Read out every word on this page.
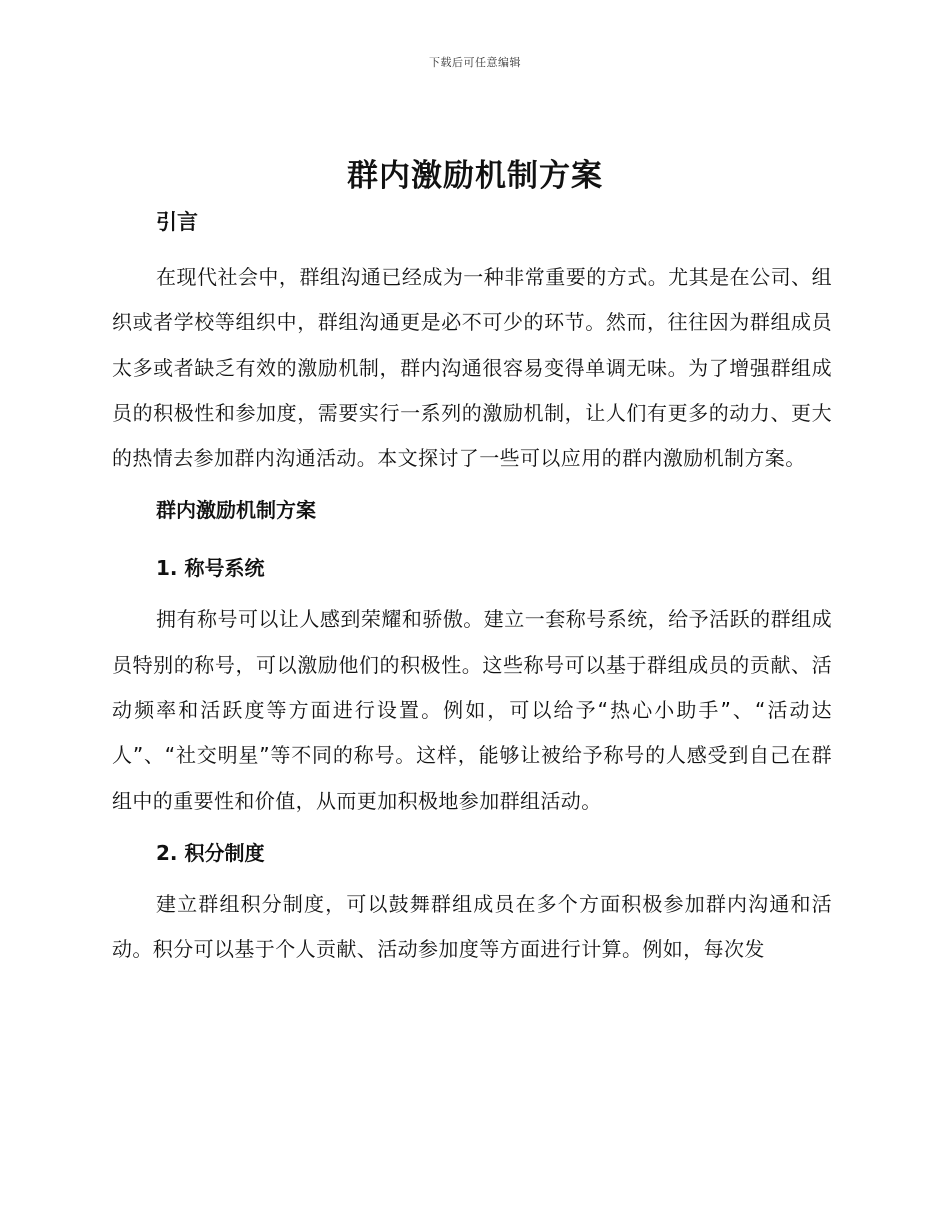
下载后可任意编辑
群内激励机制方案
引言

在现代社会中，群组沟通已经成为一种非常重要的方式。尤其是在公司、组织或者学校等组织中，群组沟通更是必不可少的环节。然而，往往因为群组成员太多或者缺乏有效的激励机制，群内沟通很容易变得单调无味。为了增强群组成员的积极性和参加度，需要实行一系列的激励机制，让人们有更多的动力、更大的热情去参加群内沟通活动。本文探讨了一些可以应用的群内激励机制方案。

群内激励机制方案
1. 称号系统

拥有称号可以让人感到荣耀和骄傲。建立一套称号系统，给予活跃的群组成员特别的称号，可以激励他们的积极性。这些称号可以基于群组成员的贡献、活动频率和活跃度等方面进行设置。例如，可以给予“热心小助手”、“活动达人”、“社交明星”等不同的称号。这样，能够让被给予称号的人感受到自己在群组中的重要性和价值，从而更加积极地参加群组活动。

2. 积分制度

建立群组积分制度，可以鼓舞群组成员在多个方面积极参加群内沟通和活动。积分可以基于个人贡献、活动参加度等方面进行计算。例如，每次发
